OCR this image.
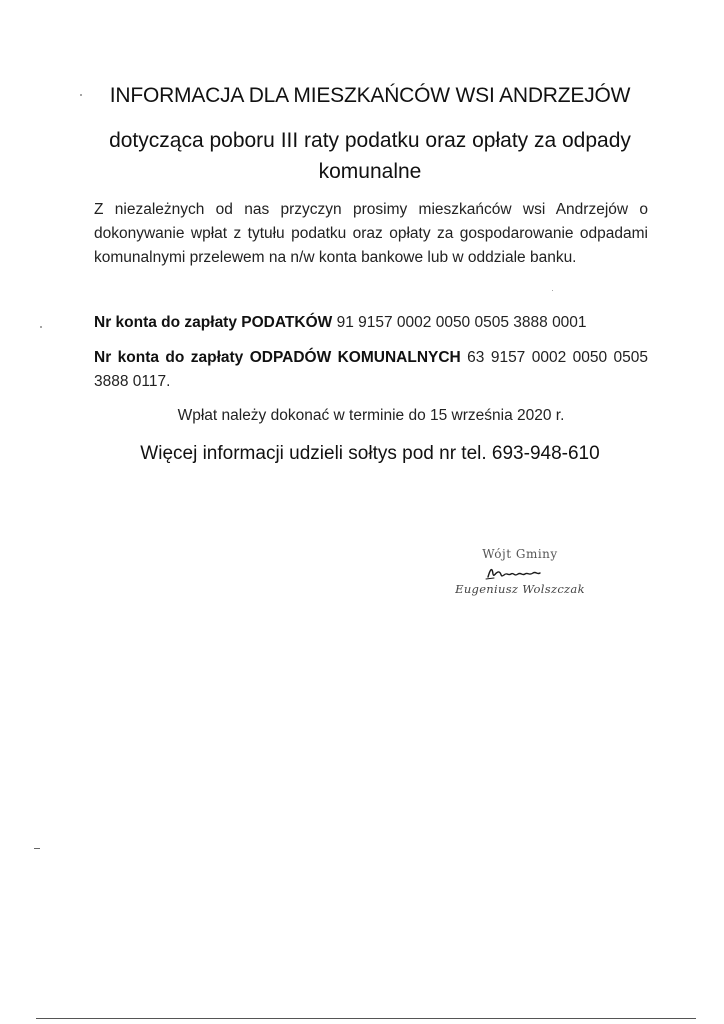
INFORMACJA DLA MIESZKAŃCÓW WSI ANDRZEJÓW
dotycząca poboru III raty podatku oraz opłaty za odpady komunalne

Z niezależnych od nas przyczyn prosimy mieszkańców wsi Andrzejów o dokonywanie wpłat z tytułu podatku oraz opłaty za gospodarowanie odpadami komunalnymi przelewem na n/w konta bankowe lub w oddziale banku.

Nr konta do zapłaty PODATKÓW 91 9157 0002 0050 0505 3888 0001

Nr konta do zapłaty ODPADÓW KOMUNALNYCH 63 9157 0002 0050 0505 3888 0117.

Wpłat należy dokonać w terminie do 15 września 2020 r.

Więcej informacji udzieli sołtys pod nr tel. 693-948-610

Wójt Gminy
Eugeniusz Wolszczak
